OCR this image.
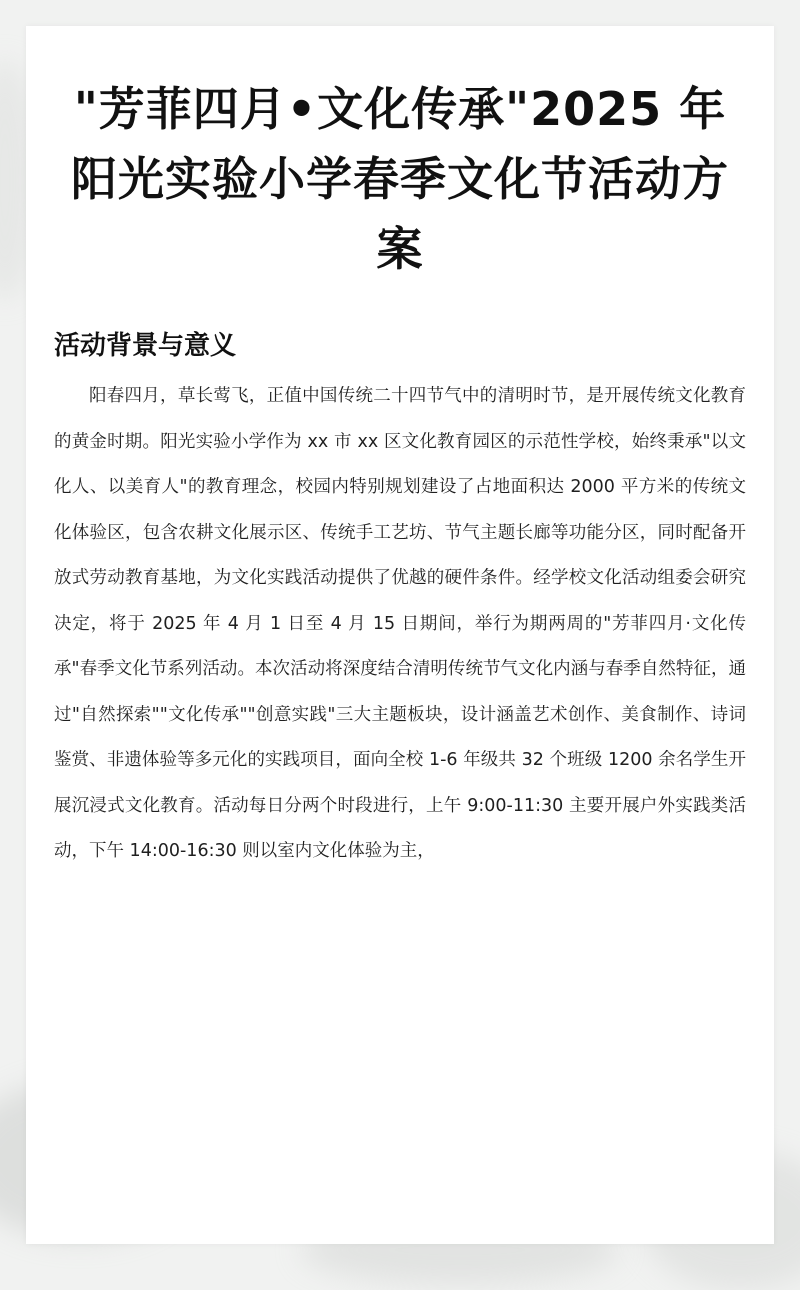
"芳菲四月•文化传承"2025 年阳光实验小学春季文化节活动方案
活动背景与意义

阳春四月，草长莺飞，正值中国传统二十四节气中的清明时节，是开展传统文化教育的黄金时期。阳光实验小学作为 xx 市 xx 区文化教育园区的示范性学校，始终秉承"以文化人、以美育人"的教育理念，校园内特别规划建设了占地面积达 2000 平方米的传统文化体验区，包含农耕文化展示区、传统手工艺坊、节气主题长廊等功能分区，同时配备开放式劳动教育基地，为文化实践活动提供了优越的硬件条件。经学校文化活动组委会研究决定，将于 2025 年 4 月 1 日至 4 月 15 日期间，举行为期两周的"芳菲四月·文化传承"春季文化节系列活动。本次活动将深度结合清明传统节气文化内涵与春季自然特征，通过"自然探索""文化传承""创意实践"三大主题板块，设计涵盖艺术创作、美食制作、诗词鉴赏、非遗体验等多元化的实践项目，面向全校 1-6 年级共 32 个班级 1200 余名学生开展沉浸式文化教育。活动每日分两个时段进行，上午 9:00-11:30 主要开展户外实践类活动，下午 14:00-16:30 则以室内文化体验为主，
